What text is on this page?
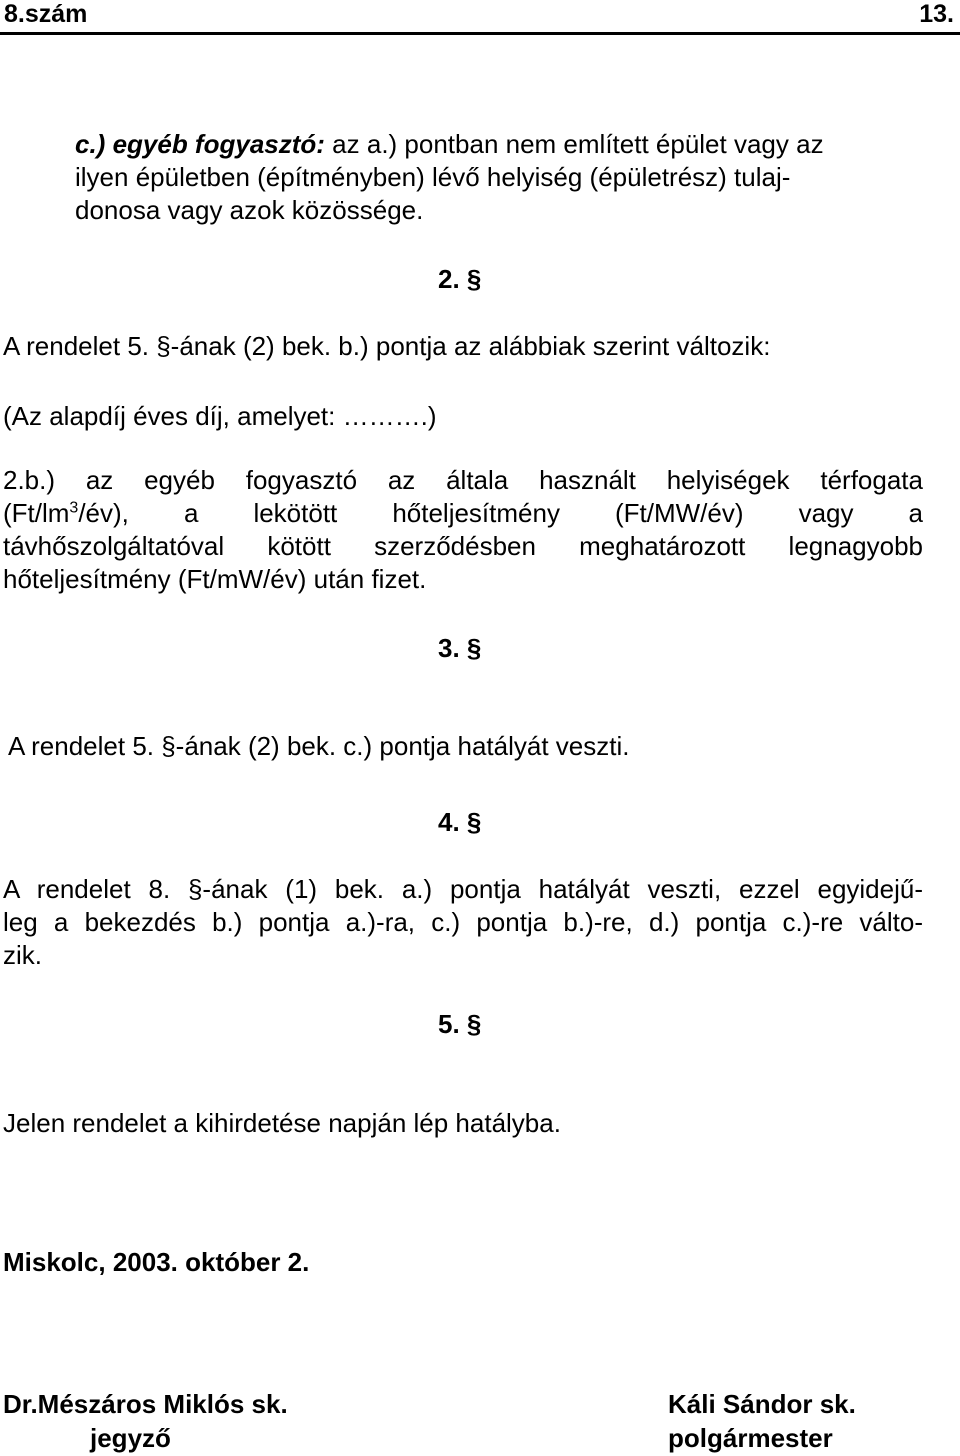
8.szám	13.
c.) egyéb fogyasztó: az a.) pontban nem említett épület vagy az
ilyen épületben (építményben) lévő helyiség (épületrész) tulaj-
donosa vagy azok közössége.
2. §
A rendelet 5. §-ának (2) bek. b.) pontja az alábbiak szerint változik:
(Az alapdíj éves díj, amelyet: ……….)
2.b.) az egyéb fogyasztó az általa használt helyiségek térfogata
$(Ft/lm^3/év)$, a lekötött hőteljesítmény (Ft/MW/év) vagy a
távhőszolgáltatóval kötött szerződésben meghatározott legnagyobb
hőteljesítmény (Ft/mW/év) után fizet.
3. §
A rendelet 5. §-ának (2) bek. c.) pontja hatályát veszti.
4. §
A rendelet 8. §-ának (1) bek. a.) pontja hatályát veszti, ezzel egyidejű-
leg a bekezdés b.) pontja a.)-ra, c.) pontja b.)-re, d.) pontja c.)-re válto-
zik.
5. §
Jelen rendelet a kihirdetése napján lép hatályba.
Miskolc, 2003. október 2.
Dr.Mészáros Miklós sk.
jegyző
Káli Sándor sk.
polgármester
